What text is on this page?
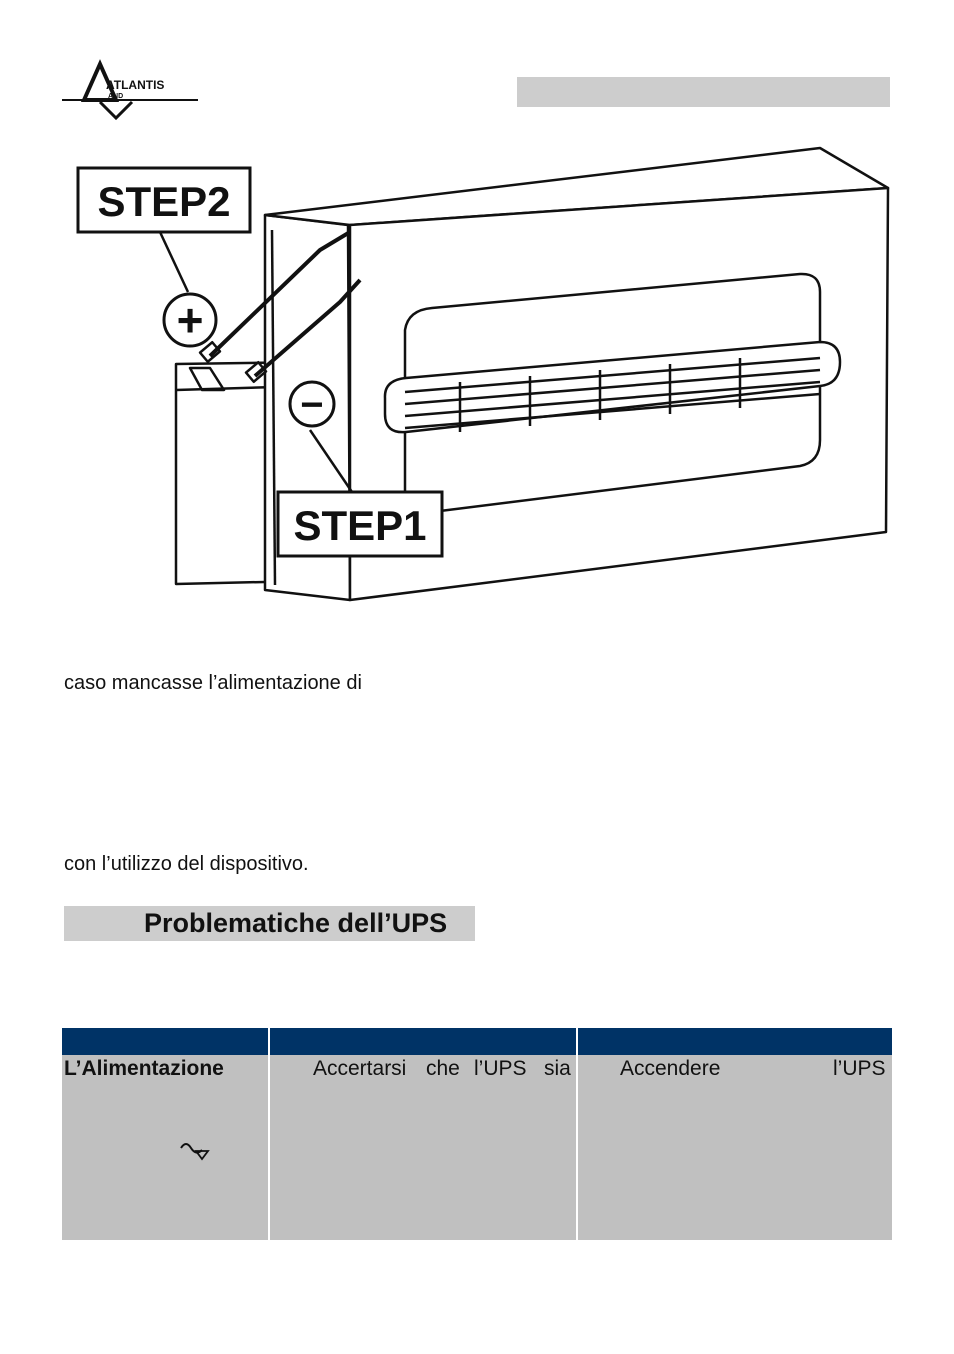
ATLANTIS
AND
STEP2
+
−
STEP1
caso mancasse l’alimentazione di
con l’utilizzo del dispositivo.
Problematiche dell’UPS
L’Alimentazione	Accertarsi che l’UPS sia Accendere	l’UPS
